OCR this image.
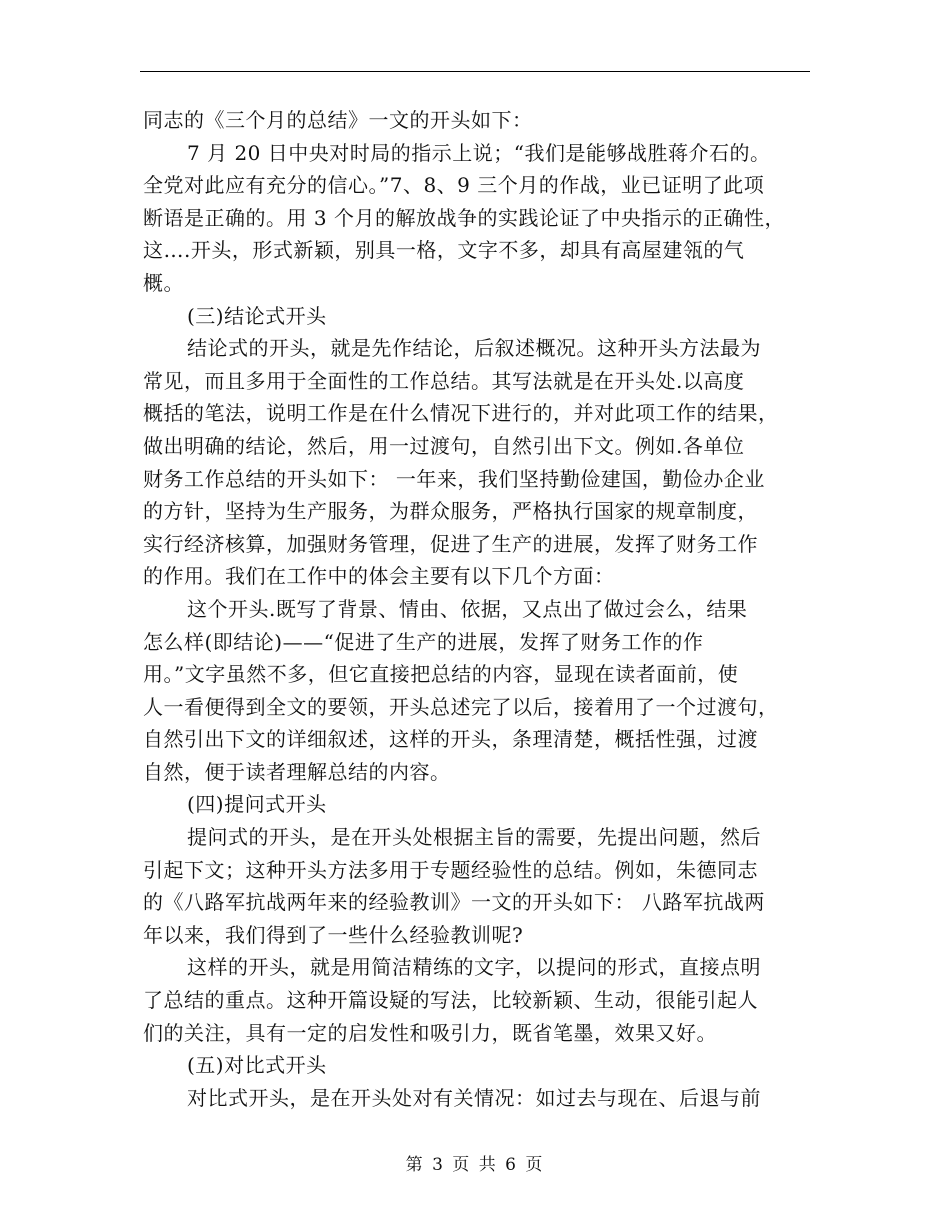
同志的《三个月的总结》一文的开头如下：
7 月 20 日中央对时局的指示上说；“我们是能够战胜蒋介石的。
全党对此应有充分的信心。”7、8、9 三个月的作战，业已证明了此项
断语是正确的。用 3 个月的解放战争的实践论证了中央指示的正确性，
这….开头，形式新颖，别具一格，文字不多，却具有高屋建瓴的气
概。
(三)结论式开头
结论式的开头，就是先作结论，后叙述概况。这种开头方法最为
常见，而且多用于全面性的工作总结。其写法就是在开头处.以高度
概括的笔法，说明工作是在什么情况下进行的，并对此项工作的结果，
做出明确的结论，然后，用一过渡句，自然引出下文。例如.各单位
财务工作总结的开头如下： 一年来，我们坚持勤俭建国，勤俭办企业
的方针，坚持为生产服务，为群众服务，严格执行国家的规章制度，
实行经济核算，加强财务管理，促进了生产的进展，发挥了财务工作
的作用。我们在工作中的体会主要有以下几个方面：
这个开头.既写了背景、情由、依据，又点出了做过会么，结果
怎么样(即结论)——“促进了生产的进展，发挥了财务工作的作
用。”文字虽然不多，但它直接把总结的内容，显现在读者面前，使
人一看便得到全文的要领，开头总述完了以后，接着用了一个过渡句，
自然引出下文的详细叙述，这样的开头，条理清楚，概括性强，过渡
自然，便于读者理解总结的内容。
(四)提问式开头
提问式的开头，是在开头处根据主旨的需要，先提出问题，然后
引起下文；这种开头方法多用于专题经验性的总结。例如，朱德同志
的《八路军抗战两年来的经验教训》一文的开头如下： 八路军抗战两
年以来，我们得到了一些什么经验教训呢?
这样的开头，就是用简洁精练的文字，以提问的形式，直接点明
了总结的重点。这种开篇设疑的写法，比较新颖、生动，很能引起人
们的关注，具有一定的启发性和吸引力，既省笔墨，效果又好。
(五)对比式开头
对比式开头，是在开头处对有关情况：如过去与现在、后退与前
第 3 页 共 6 页
